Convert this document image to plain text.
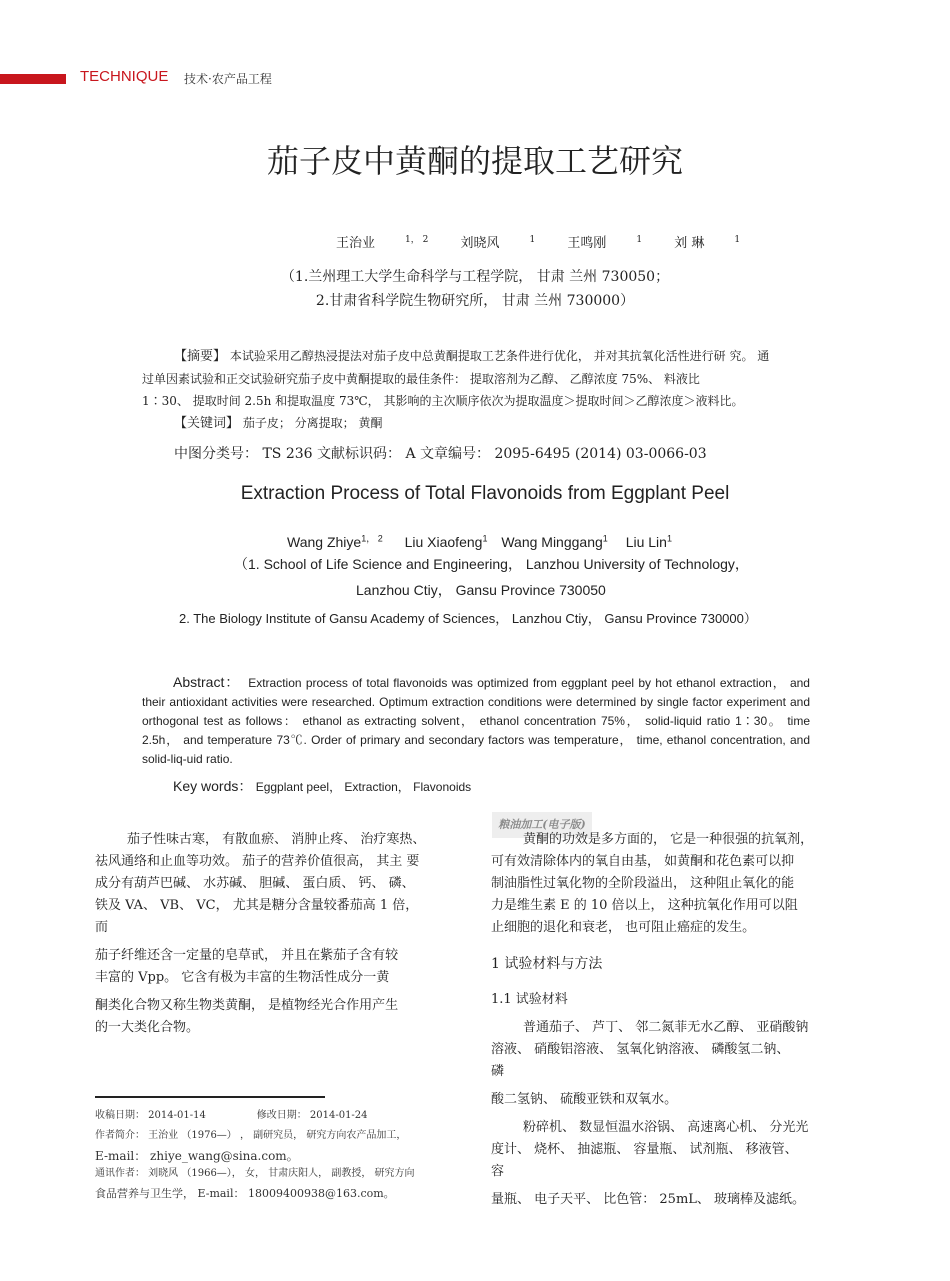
TECHNIQUE 技术·农产品工程
茄子皮中黄酮的提取工艺研究
王治业	$^{1, 2}$ 刘晓风	$^1$ 王鸣刚	$^1$ 刘 琳	$^1$
（1.兰州理工大学生命科学与工程学院， 甘肃 兰州 730050；
2.甘肃省科学院生物研究所， 甘肃 兰州 730000）
【摘要】 本试验采用乙醇热浸提法对茄子皮中总黄酮提取工艺条件进行优化， 并对其抗氧化活性进行研 究。 通
过单因素试验和正交试验研究茄子皮中黄酮提取的最佳条件： 提取溶剂为乙醇、 乙醇浓度 75%、 料液比
1∶30、 提取时间 2.5h 和提取温度 73℃， 其影响的主次顺序依次为提取温度＞提取时间＞乙醇浓度＞液料比。
【关键词】 茄子皮； 分离提取； 黄酮
中图分类号： TS 236 文献标识码： A 文章编号： 2095-6495 (2014) 03-0066-03
Extraction Process of Total Flavonoids from Eggplant Peel
Wang Zhiye$^{1, 2}$ Liu Xiaofeng$^1$ Wang Minggang$^1$ Liu Lin$^1$
（1. School of Life Science and Engineering， Lanzhou University of Technology，
Lanzhou Ctiy， Gansu Province 730050
2. The Biology Institute of Gansu Academy of Sciences， Lanzhou Ctiy， Gansu Province 730000）
Abstract： Extraction process of total flavonoids was optimized from eggplant peel by hot ethanol extraction， and their antioxidant activities were researched. Optimum extraction conditions were determined by single factor experiment and orthogonal test as follows： ethanol as extracting solvent， ethanol concentration 75%， solid-liquid ratio 1∶30。 time 2.5h， and temperature 73℃. Order of primary and secondary factors was temperature， time, ethanol concentration, and solid-liq-uid ratio.
Key words： Eggplant peel， Extraction， Flavonoids
茄子性味古寒， 有散血瘀、 消肿止疼、 治疗寒热、
祛风通络和止血等功效。 茄子的营养价值很高， 其主 要
成分有葫芦巴碱、 水苏碱、 胆碱、 蛋白质、 钙、 磷、
铁及 VA、 VB、 VC， 尤其是糖分含量较番茄高 1 倍，
而
茄子纤维还含一定量的皂草甙， 并且在紫茄子含有较
丰富的 Vpp。 它含有极为丰富的生物活性成分一黄
酮类化合物又称生物类黄酮， 是植物经光合作用产生
的一大类化合物。
粮油加工(电子版)
黄酮的功效是多方面的， 它是一种很强的抗氧剂，
可有效清除体内的氧自由基， 如黄酮和花色素可以抑
制油脂性过氧化物的全阶段溢出， 这种阻止氧化的能
力是维生素 E 的 10 倍以上， 这种抗氧化作用可以阻
止细胞的退化和衰老， 也可阻止癌症的发生。
1 试验材料与方法
1.1 试验材料
普通茄子、 芦丁、 邻二氮菲无水乙醇、 亚硝酸钠
溶液、 硝酸铝溶液、 氢氧化钠溶液、 磷酸氢二钠、
磷
酸二氢钠、 硫酸亚铁和双氧水。
粉碎机、 数显恒温水浴锅、 高速离心机、 分光光
度计、 烧杯、 抽滤瓶、 容量瓶、 试剂瓶、 移液管、
容
量瓶、 电子天平、 比色管： 25mL、 玻璃棒及滤纸。
收稿日期： 2014-01-14                修改日期： 2014-01-24
作者简介： 王治业 （1976—） ， 副研究员， 研究方向农产品加工，
E-mail： zhiye_wang@sina.com。
通讯作者： 刘晓风 （1966—）， 女， 甘肃庆阳人， 副教授， 研究方向
食品营养与卫生学， E-mail： 18009400938@163.com。
